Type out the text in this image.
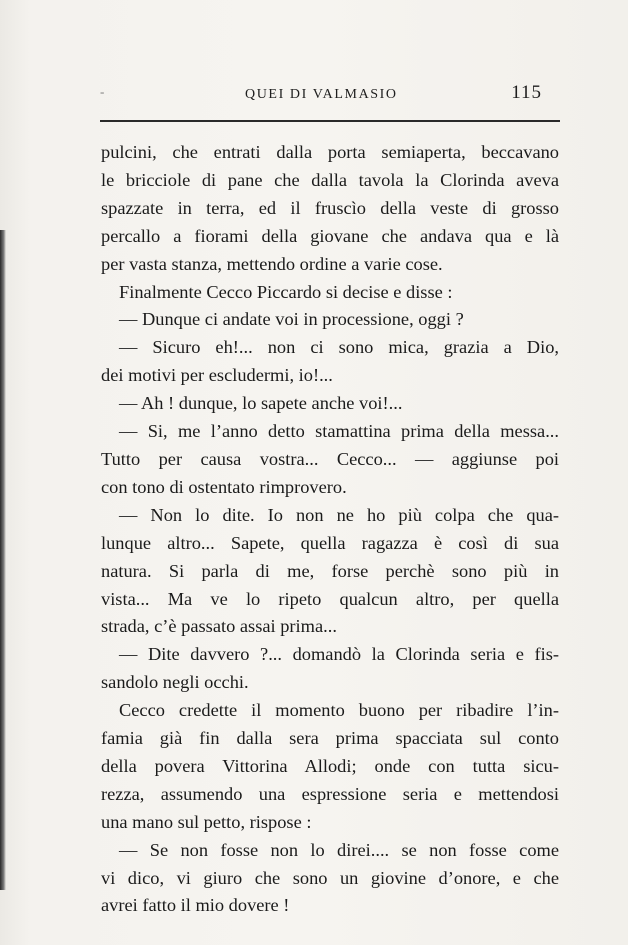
-	QUEI DI VALMASIO	115

pulcini, che entrati dalla porta semiaperta, beccavano

le bricciole di pane che dalla tavola la Clorinda aveva

spazzate in terra, ed il fruscìo della veste di grosso

percallo a fiorami della giovane che andava qua e là

per vasta stanza, mettendo ordine a varie cose.

Finalmente Cecco Piccardo si decise e disse :

— Dunque ci andate voi in processione, oggi ?

— Sicuro eh!... non ci sono mica, grazia a Dio,

dei motivi per escludermi, io!...

— Ah ! dunque, lo sapete anche voi!...

— Si, me l’anno detto stamattina prima della messa...

Tutto per causa vostra... Cecco... — aggiunse poi

con tono di ostentato rimprovero.

— Non lo dite. Io non ne ho più colpa che qua-

lunque altro... Sapete, quella ragazza è così di sua

natura. Si parla di me, forse perchè sono più in

vista... Ma ve lo ripeto qualcun altro, per quella

strada, c’è passato assai prima...

— Dite davvero ?... domandò la Clorinda seria e fis-

sandolo negli occhi.

Cecco credette il momento buono per ribadire l’in-

famia già fin dalla sera prima spacciata sul conto

della povera Vittorina Allodi; onde con tutta sicu-

rezza, assumendo una espressione seria e mettendosi

una mano sul petto, rispose :

— Se non fosse non lo direi.... se non fosse come

vi dico, vi giuro che sono un giovine d’onore, e che

avrei fatto il mio dovere !
